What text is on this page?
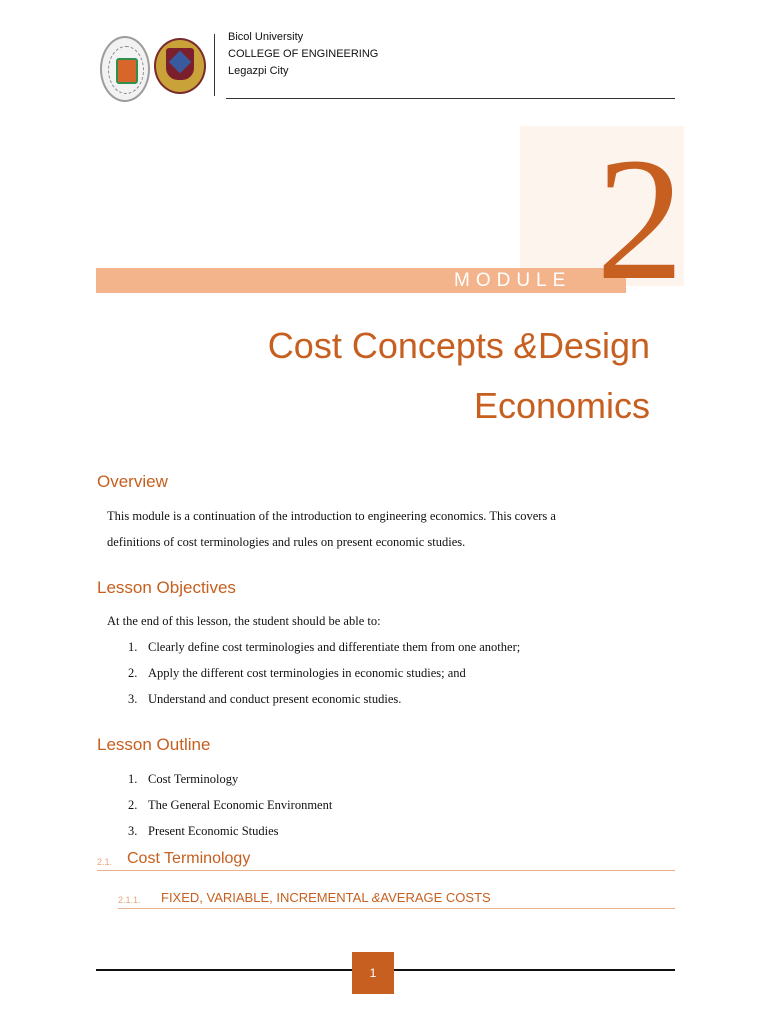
Bicol University
COLLEGE OF ENGINEERING
Legazpi City
MODULE 2
Cost Concepts &Design
Economics
Overview

This module is a continuation of the introduction to engineering economics. This covers a

definitions of cost terminologies and rules on present economic studies.

Lesson Objectives

At the end of this lesson, the student should be able to:

1. Clearly define cost terminologies and differentiate them from one another;
2. Apply the different cost terminologies in economic studies; and
3. Understand and conduct present economic studies.
Lesson Outline
1. Cost Terminology
2. The General Economic Environment
3. Present Economic Studies
2.1. Cost Terminology
2.1.1. FIXED, VARIABLE, INCREMENTAL &AVERAGE COSTS
1
